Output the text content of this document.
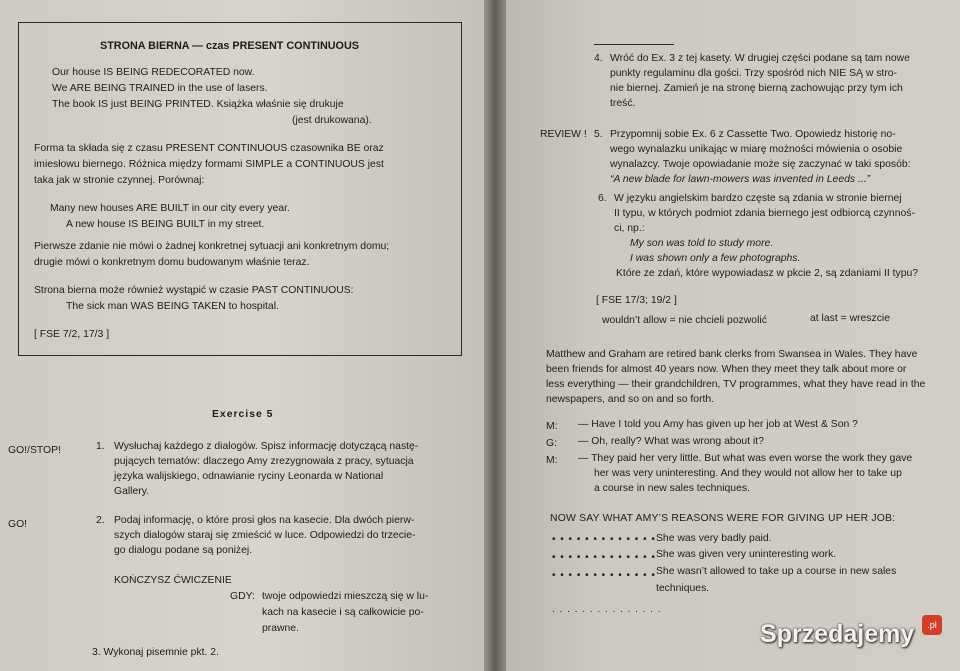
STRONA BIERNA — czas PRESENT CONTINUOUS
Our house IS BEING REDECORATED now.
We ARE BEING TRAINED in the use of lasers.
The book IS just BEING PRINTED. Książka właśnie się drukuje
(jest drukowana).
Forma ta składa się z czasu PRESENT CONTINUOUS czasownika BE oraz
imiesłowu biernego. Różnica między formami SIMPLE a CONTINUOUS jest
taka jak w stronie czynnej. Porównaj:
Many new houses ARE BUILT in our city every year.
A new house IS BEING BUILT in my street.
Pierwsze zdanie nie mówi o żadnej konkretnej sytuacji ani konkretnym domu;
drugie mówi o konkretnym domu budowanym właśnie teraz.
Strona bierna może również wystąpić w czasie PAST CONTINUOUS:
The sick man WAS BEING TAKEN to hospital.
[ FSE 7/2, 17/3 ]
Exercise 5
GO!/STOP!	1. Wysłuchaj każdego z dialogów. Spisz informację dotyczącą nastę-
pujących tematów: dlaczego Amy zrezygnowała z pracy, sytuacja
języka walijskiego, odnawianie ryciny Leonarda w National
Gallery.
GO!	2. Podaj informację, o które prosi głos na kasecie. Dla dwóch pierw-
szych dialogów staraj się zmieścić w luce. Odpowiedzi do trzecie-
go dialogu podane są poniżej.
KOŃCZYSZ ĆWICZENIE
GDY: twoje odpowiedzi mieszczą się w lu-
kach na kasecie i są całkowicie po-
prawne.
3. Wykonaj pisemnie pkt. 2.
4. Wróć do Ex. 3 z tej kasety. W drugiej części podane są tam nowe
punkty regulaminu dla gości. Trzy spośród nich NIE SĄ w stro-
nie biernej. Zamień je na stronę bierną zachowując przy tym ich
treść.
REVIEW ! 5. Przypomnij sobie Ex. 6 z Cassette Two. Opowiedz historię no-
wego wynalazku unikając w miarę możności mówienia o osobie
wynalazcy. Twoje opowiadanie może się zaczynać w taki sposób:
“A new blade for lawn-mowers was invented in Leeds ...”
6. W języku angielskim bardzo częste są zdania w stronie biernej
II typu, w których podmiot zdania biernego jest odbiorcą czynnoś-
ci, np.:
My son was told to study more.
I was shown only a few photographs.
Które ze zdań, które wypowiadasz w pkcie 2, są zdaniami II typu?
[ FSE 17/3; 19/2 ]
wouldn’t allow = nie chcieli pozwolić	at last = wreszcie
Matthew and Graham are retired bank clerks from Swansea in Wales. They have
been friends for almost 40 years now. When they meet they talk about more or
less everything — their grandchildren, TV programmes, what they have read in the
newspapers, and so on and so forth.
M: — Have I told you Amy has given up her job at West & Son ?
G: — Oh, really? What was wrong about it?
M: — They paid her very little. But what was even worse the work they gave
her was very uninteresting. And they would not allow her to take up
a course in new sales techniques.
NOW SAY WHAT AMY’S REASONS WERE FOR GIVING UP HER JOB:
• • • • • • • • • • • • • She was very badly paid.
• • • • • • • • • • • • • She was given very uninteresting work.
• • • • • • • • • • • • • She wasn’t allowed to take up a course in new sales
techniques.
. . . . . . . . . . . . . . .
Sprzedajemy	.pl
